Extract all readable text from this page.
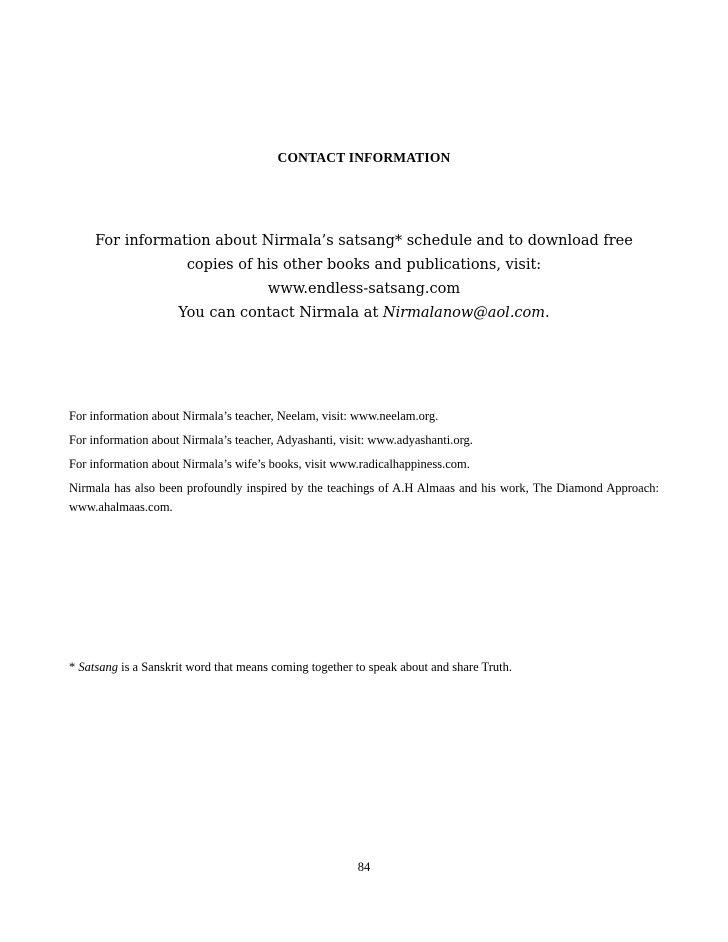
CONTACT INFORMATION
For information about Nirmala’s satsang* schedule and to download free
copies of his other books and publications, visit:
www.endless-satsang.com
You can contact Nirmala at Nirmalanow@aol.com.

For information about Nirmala’s teacher, Neelam, visit: www.neelam.org.

For information about Nirmala’s teacher, Adyashanti, visit: www.adyashanti.org.

For information about Nirmala’s wife’s books, visit www.radicalhappiness.com.

Nirmala has also been profoundly inspired by the teachings of A.H Almaas and his work, The Diamond Approach: www.ahalmaas.com.

* Satsang is a Sanskrit word that means coming together to speak about and share Truth.
84
